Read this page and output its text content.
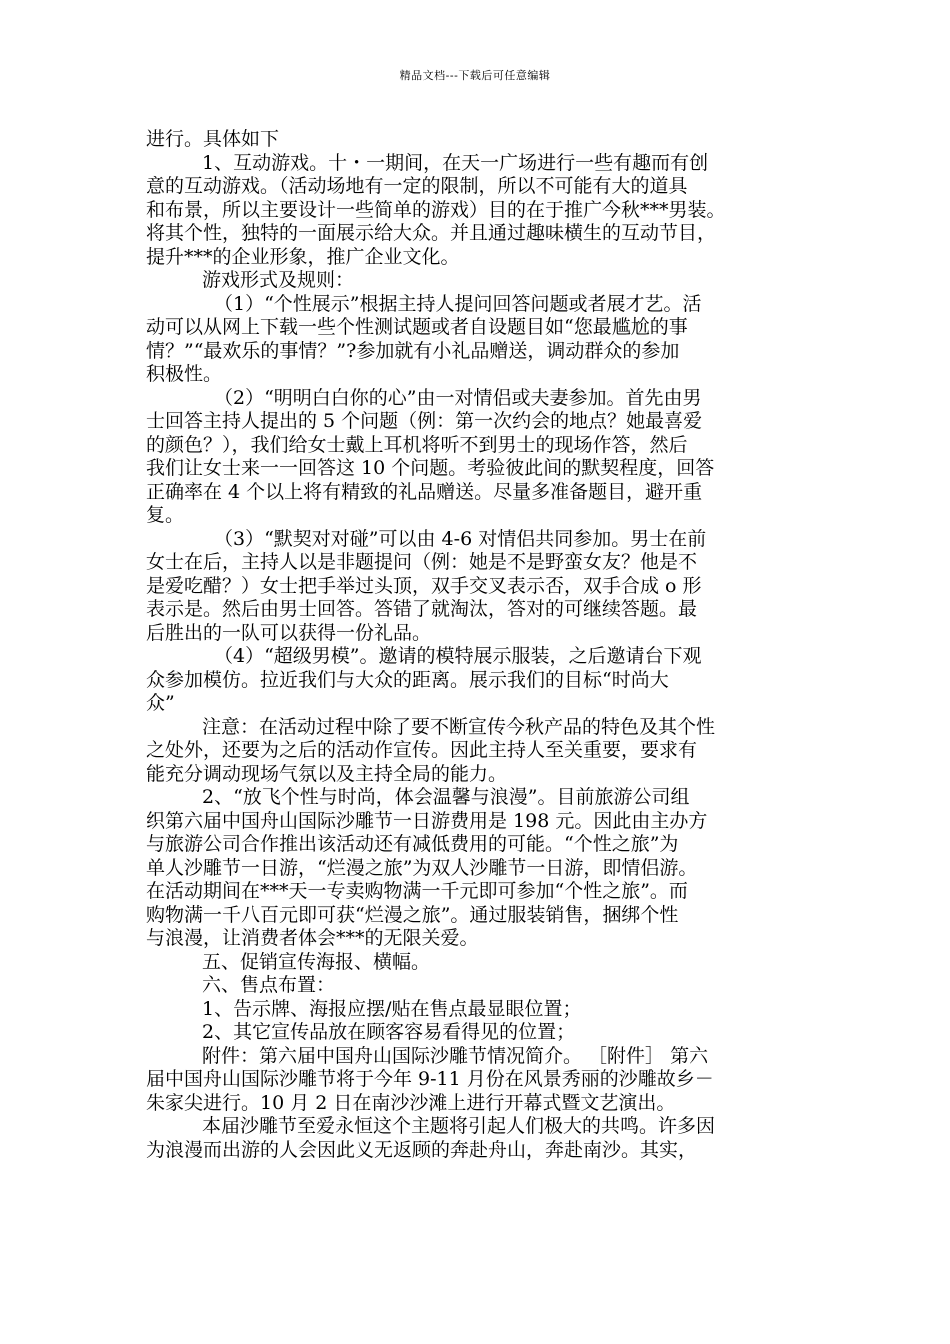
精品文档---下载后可任意编辑
进行。具体如下
1、互动游戏。十・一期间，在天一广场进行一些有趣而有创
意的互动游戏。（活动场地有一定的限制，所以不可能有大的道具
和布景，所以主要设计一些简单的游戏）目的在于推广今秋***男装。
将其个性，独特的一面展示给大众。并且通过趣味横生的互动节目，
提升***的企业形象，推广企业文化。
游戏形式及规则：
（1）“个性展示”根据主持人提问回答问题或者展才艺。活
动可以从网上下载一些个性测试题或者自设题目如“您最尴尬的事
情？”“最欢乐的事情？”?参加就有小礼品赠送，调动群众的参加
积极性。
（2）“明明白白你的心”由一对情侣或夫妻参加。首先由男
士回答主持人提出的 5 个问题（例：第一次约会的地点？她最喜爱
的颜色？），我们给女士戴上耳机将听不到男士的现场作答，然后
我们让女士来一一回答这 10 个问题。考验彼此间的默契程度，回答
正确率在 4 个以上将有精致的礼品赠送。尽量多准备题目，避开重
复。
（3）“默契对对碰”可以由 4-6 对情侣共同参加。男士在前
女士在后，主持人以是非题提问（例：她是不是野蛮女友？他是不
是爱吃醋？）女士把手举过头顶，双手交叉表示否，双手合成 o 形
表示是。然后由男士回答。答错了就淘汰，答对的可继续答题。最
后胜出的一队可以获得一份礼品。
（4）“超级男模”。邀请的模特展示服装，之后邀请台下观
众参加模仿。拉近我们与大众的距离。展示我们的目标“时尚大
众”
注意：在活动过程中除了要不断宣传今秋产品的特色及其个性
之处外，还要为之后的活动作宣传。因此主持人至关重要，要求有
能充分调动现场气氛以及主持全局的能力。
2、“放飞个性与时尚，体会温馨与浪漫”。目前旅游公司组
织第六届中国舟山国际沙雕节一日游费用是 198 元。因此由主办方
与旅游公司合作推出该活动还有减低费用的可能。“个性之旅”为
单人沙雕节一日游，“烂漫之旅”为双人沙雕节一日游，即情侣游。
在活动期间在***天一专卖购物满一千元即可参加“个性之旅”。而
购物满一千八百元即可获“烂漫之旅”。通过服装销售，捆绑个性
与浪漫，让消费者体会***的无限关爱。
五、促销宣传海报、横幅。
六、售点布置：
1、告示牌、海报应摆/贴在售点最显眼位置；
2、其它宣传品放在顾客容易看得见的位置；
附件：第六届中国舟山国际沙雕节情况简介。 ［附件］ 第六
届中国舟山国际沙雕节将于今年 9-11 月份在风景秀丽的沙雕故乡－
朱家尖进行。10 月 2 日在南沙沙滩上进行开幕式暨文艺演出。
本届沙雕节至爱永恒这个主题将引起人们极大的共鸣。许多因
为浪漫而出游的人会因此义无返顾的奔赴舟山，奔赴南沙。其实，
